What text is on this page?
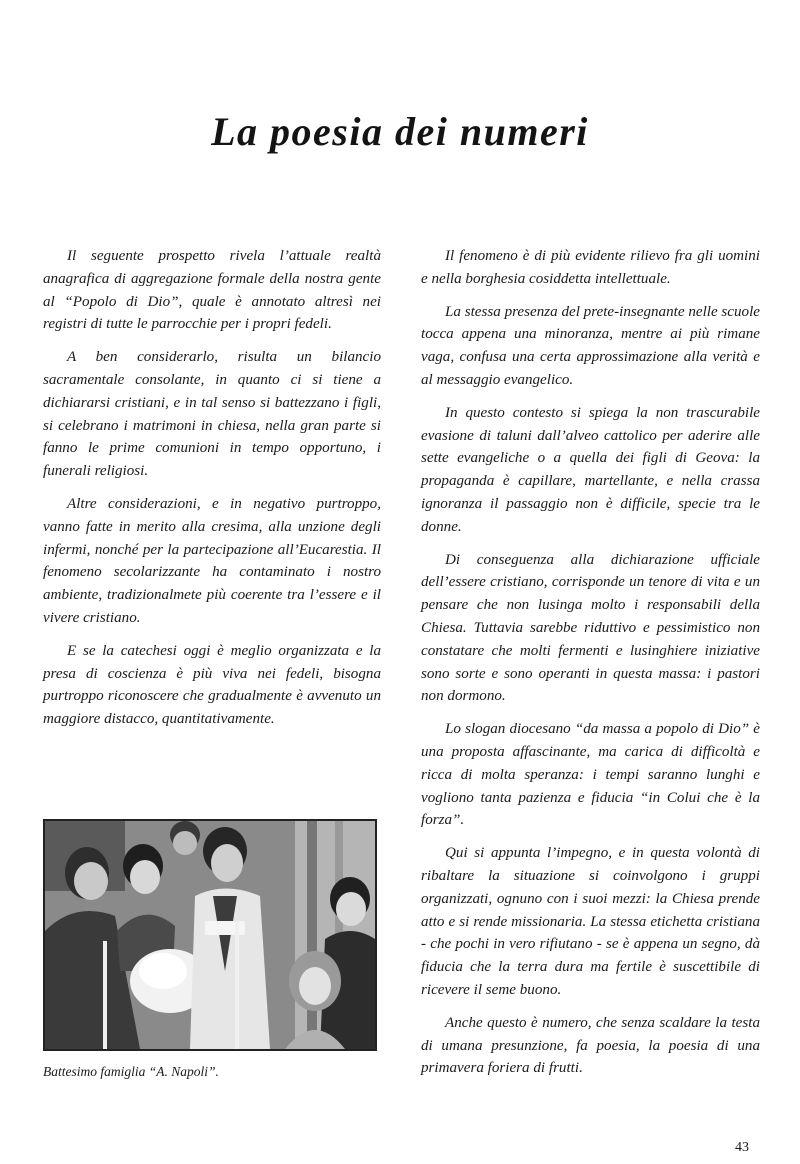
La poesia dei numeri

Il seguente prospetto rivela l’attuale realtà anagrafica di aggregazione formale della nostra gente al “Popolo di Dio”, quale è annotato altresì nei registri di tutte le parrocchie per i propri fedeli.

A ben considerarlo, risulta un bilancio sacramentale consolante, in quanto ci si tiene a dichiararsi cristiani, e in tal senso si battezzano i figli, si celebrano i matrimoni in chiesa, nella gran parte si fanno le prime comunioni in tempo opportuno, i funerali religiosi.

Altre considerazioni, e in negativo purtroppo, vanno fatte in merito alla cresima, alla unzione degli infermi, nonché per la partecipazione all’Eucarestia. Il fenomeno secolarizzante ha contaminato i nostro ambiente, tradizionalmete più coerente tra l’essere e il vivere cristiano.

E se la catechesi oggi è meglio organizzata e la presa di coscienza è più viva nei fedeli, bisogna purtroppo riconoscere che gradualmente è avvenuto un maggiore distacco, quantitativamente.

Il fenomeno è di più evidente rilievo fra gli uomini e nella borghesia cosiddetta intellettuale.

La stessa presenza del prete-insegnante nelle scuole tocca appena una minoranza, mentre ai più rimane vaga, confusa una certa approssimazione alla verità e al messaggio evangelico.

In questo contesto si spiega la non trascurabile evasione di taluni dall’alveo cattolico per aderire alle sette evangeliche o a quella dei figli di Geova: la propaganda è capillare, martellante, e nella crassa ignoranza il passaggio non è difficile, specie tra le donne.

Di conseguenza alla dichiarazione ufficiale dell’essere cristiano, corrisponde un tenore di vita e un pensare che non lusinga molto i responsabili della Chiesa. Tuttavia sarebbe riduttivo e pessimistico non constatare che molti fermenti e lusinghiere iniziative sono sorte e sono operanti in questa massa: i pastori non dormono.

Lo slogan diocesano “da massa a popolo di Dio” è una proposta affascinante, ma carica di difficoltà e ricca di molta speranza: i tempi saranno lunghi e vogliono tanta pazienza e fiducia “in Colui che è la forza”.

Qui si appunta l’impegno, e in questa volontà di ribaltare la situazione si coinvolgono i gruppi organizzati, ognuno con i suoi mezzi: la Chiesa prende atto e si rende missionaria. La stessa etichetta cristiana - che pochi in vero rifiutano - se è appena un segno, dà fiducia che la terra dura ma fertile è suscettibile di ricevere il seme buono.

Anche questo è numero, che senza scaldare la testa di umana presunzione, fa poesia, la poesia di una primavera foriera di frutti.

Battesimo famiglia “A. Napoli”.

43
